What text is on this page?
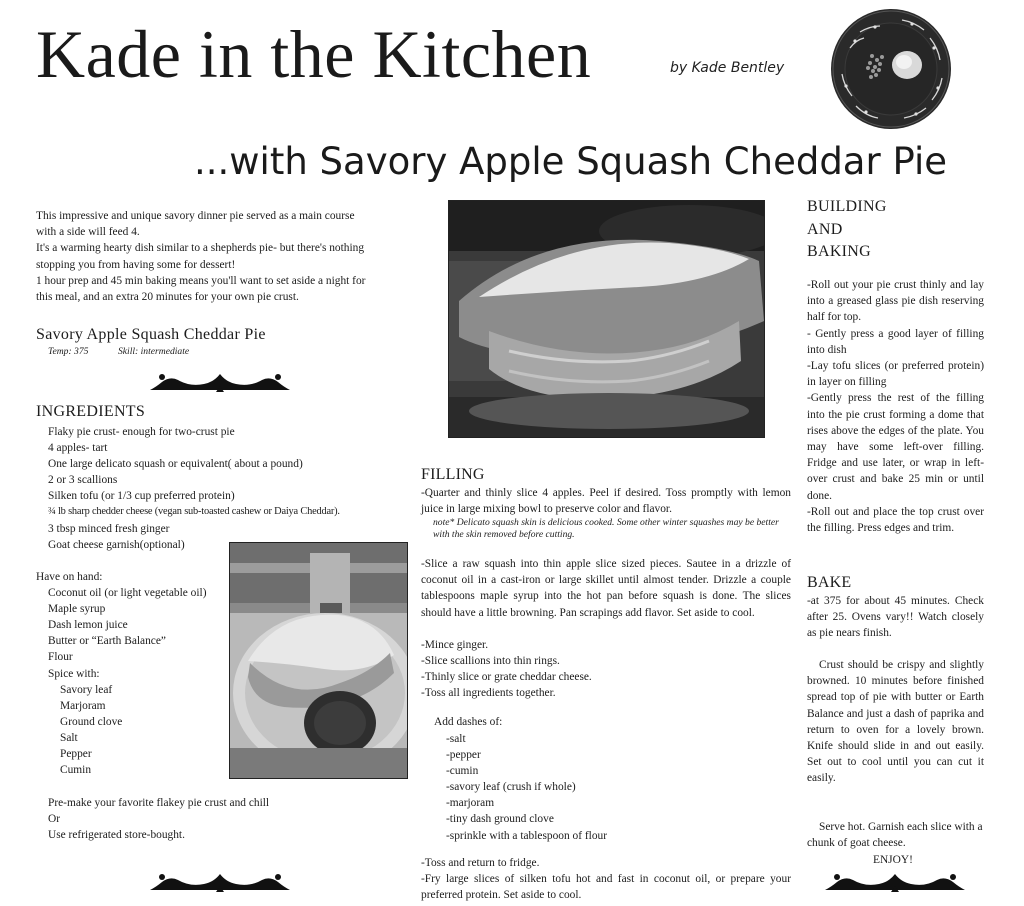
Kade in the Kitchen	by Kade Bentley
...with Savory Apple Squash Cheddar Pie
This impressive and unique savory dinner pie served as a main course
with a side will feed 4.
It's a warming hearty dish similar to a shepherds pie- but there's nothing
stopping you from having some for dessert!
1 hour prep and 45 min baking means you'll want to set aside a night for
this meal, and an extra 20 minutes for your own pie crust.
Savory Apple Squash Cheddar Pie
Temp: 375	Skill: intermediate
INGREDIENTS
Flaky pie crust- enough for two-crust pie
4 apples- tart
One large delicato squash or equivalent( about a pound)
2 or 3 scallions
Silken tofu (or 1/3 cup preferred protein)
¾ lb sharp chedder cheese (vegan sub-toasted cashew or Daiya Cheddar).
3 tbsp minced fresh ginger
Goat cheese garnish(optional)
Have on hand:
Coconut oil (or light vegetable oil)
Maple syrup
Dash lemon juice
Butter or “Earth Balance”
Flour
Spice with:
Savory leaf
Marjoram
Ground clove
Salt
Pepper
Cumin
Pre-make your favorite flakey pie crust and chill
Or
Use refrigerated store-bought.
FILLING
-Quarter and thinly slice 4 apples. Peel if desired. Toss promptly with lemon juice in large mixing bowl to preserve color and flavor.
note* Delicato squash skin is delicious cooked. Some other winter squashes may be better with the skin removed before cutting.
-Slice a raw squash into thin apple slice sized pieces. Sautee in a drizzle of coconut oil in a cast-iron or large skillet until almost tender. Drizzle a couple tablespoons maple syrup into the hot pan before squash is done. The slices should have a little browning. Pan scrapings add flavor. Set aside to cool.
-Mince ginger.
-Slice scallions into thin rings.
-Thinly slice or grate cheddar cheese.
-Toss all ingredients together.
Add dashes of:
-salt
-pepper
-cumin
-savory leaf (crush if whole)
-marjoram
-tiny dash ground clove
-sprinkle with a tablespoon of flour
-Toss and return to fridge.
-Fry large slices of silken tofu hot and fast in coconut oil, or prepare your preferred protein. Set aside to cool.
BUILDING
AND
BAKING
-Roll out your pie crust thinly and lay into a greased glass pie dish reserving half for top.
- Gently press a good layer of filling into dish
-Lay tofu slices (or preferred protein) in layer on filling
-Gently press the rest of the filling into the pie crust forming a dome that rises above the edges of the plate. You may have some left-over filling. Fridge and use later, or wrap in left-over crust and bake 25 min or until done.
-Roll out and place the top crust over the filling. Press edges and trim.
BAKE
-at 375 for about 45 minutes. Check after 25. Ovens vary!! Watch closely as pie nears finish.
Crust should be crispy and slightly browned. 10 minutes before finished spread top of pie with butter or Earth Balance and just a dash of paprika and return to oven for a lovely brown. Knife should slide in and out easily. Set out to cool until you can cut it easily.
Serve hot. Garnish each slice with a chunk of goat cheese.
ENJOY!
